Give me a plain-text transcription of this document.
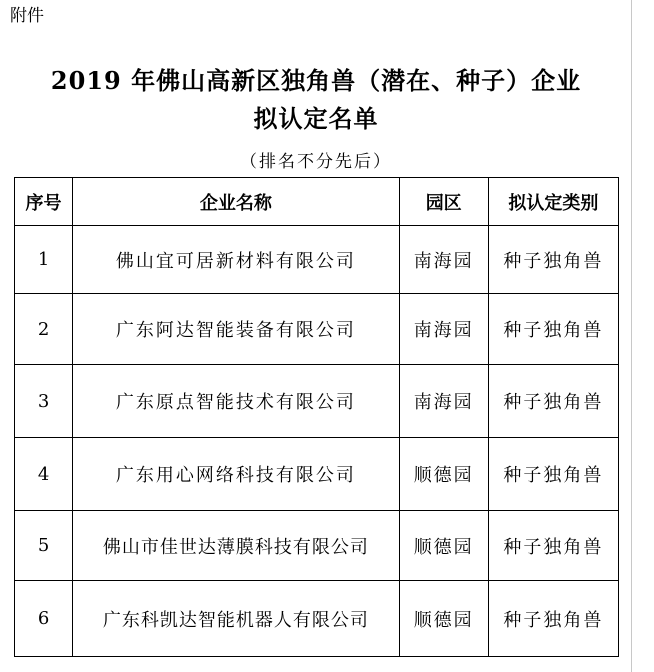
附件
2019 年佛山高新区独角兽（潜在、种子）企业
拟认定名单
（排名不分先后）
序号	企业名称	园区	拟认定类别
1	佛山宜可居新材料有限公司	南海园	种子独角兽
2	广东阿达智能装备有限公司	南海园	种子独角兽
3	广东原点智能技术有限公司	南海园	种子独角兽
4	广东用心网络科技有限公司	顺德园	种子独角兽
5	佛山市佳世达薄膜科技有限公司	顺德园	种子独角兽
6	广东科凯达智能机器人有限公司	顺德园	种子独角兽
